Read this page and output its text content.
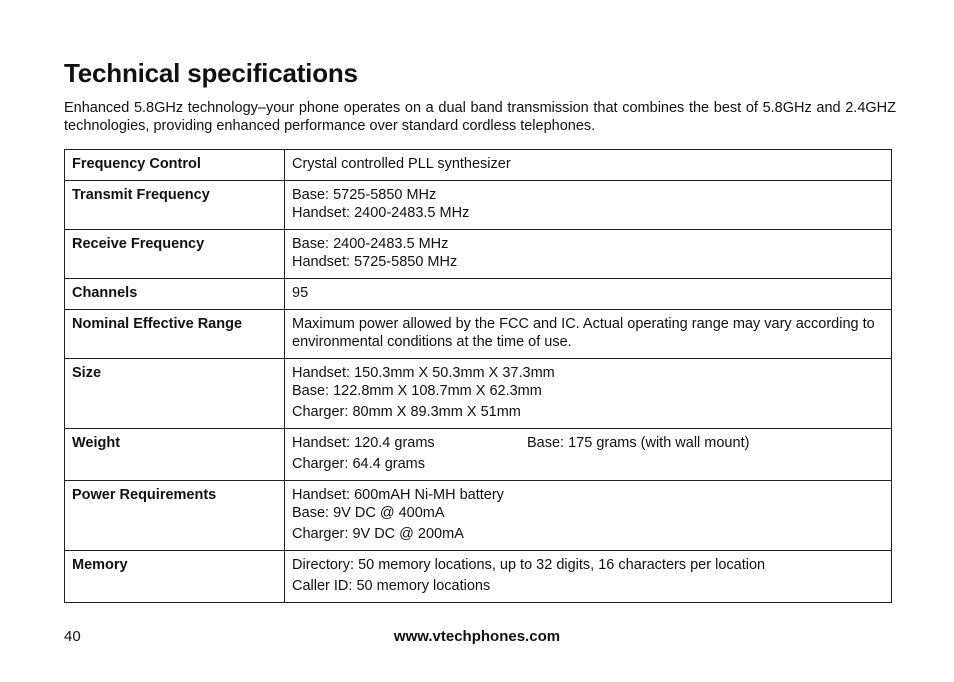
Technical specifications

Enhanced 5.8GHz technology–your phone operates on a dual band transmission that combines the best of 5.8GHz and 2.4GHZ technologies, providing enhanced performance over standard cordless telephones.

Frequency Control	Crystal controlled PLL synthesizer
Transmit Frequency	Base: 5725-5850 MHz
Handset: 2400-2483.5 MHz

Receive Frequency	Base: 2400-2483.5 MHz
Handset: 5725-5850 MHz

Channels	95
Nominal Effective Range	Maximum power allowed by the FCC and IC. Actual operating range may vary according to environmental conditions at the time of use.
Size	Handset: 150.3mm X 50.3mm X 37.3mm
Base: 122.8mm X 108.7mm X 62.3mm
Charger: 80mm X 89.3mm X 51mm

Weight	Handset: 120.4 grams Base: 175 grams (with wall mount)
Charger: 64.4 grams

Power Requirements	Handset: 600mAH Ni-MH battery
Base: 9V DC @ 400mA
Charger: 9V DC @ 200mA

Memory	Directory: 50 memory locations, up to 32 digits, 16 characters per location
Caller ID: 50 memory locations
40	www.vtechphones.com
